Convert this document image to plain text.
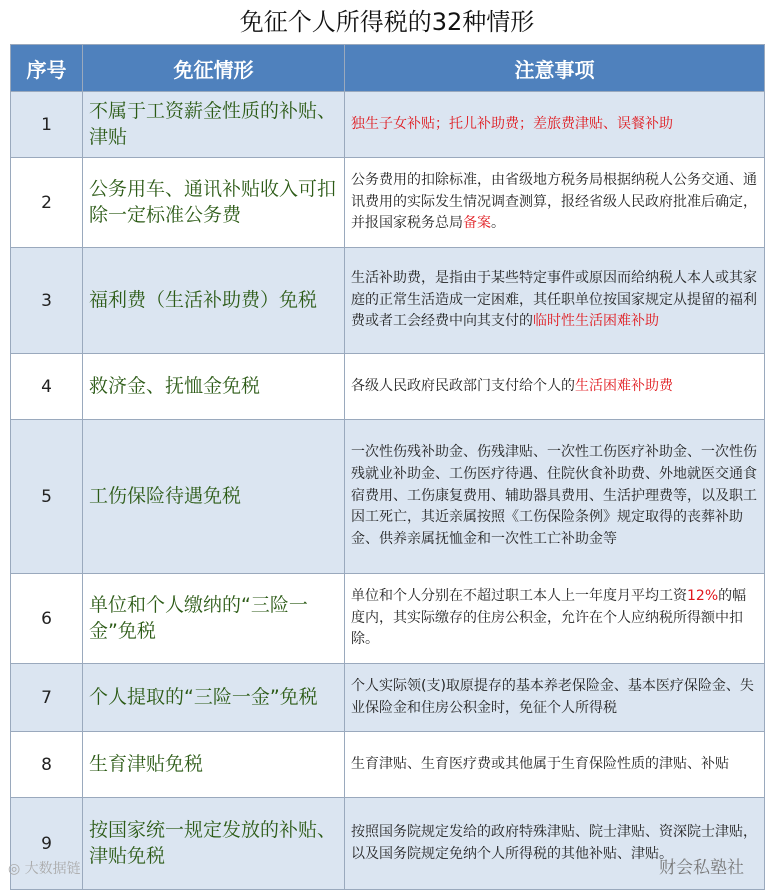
免征个人所得税的32种情形
序号	免征情形	注意事项
1	不属于工资薪金性质的补贴、津贴	独生子女补贴；托儿补助费；差旅费津贴、误餐补助
2	公务用车、通讯补贴收入可扣除一定标准公务费	公务费用的扣除标准，由省级地方税务局根据纳税人公务交通、通讯费用的实际发生情况调查测算，报经省级人民政府批准后确定，并报国家税务总局备案。
3	福利费（生活补助费）免税	生活补助费，是指由于某些特定事件或原因而给纳税人本人或其家庭的正常生活造成一定困难，其任职单位按国家规定从提留的福利费或者工会经费中向其支付的临时性生活困难补助
4	救济金、抚恤金免税	各级人民政府民政部门支付给个人的生活困难补助费
5	工伤保险待遇免税	一次性伤残补助金、伤残津贴、一次性工伤医疗补助金、一次性伤残就业补助金、工伤医疗待遇、住院伙食补助费、外地就医交通食宿费用、工伤康复费用、辅助器具费用、生活护理费等，以及职工因工死亡，其近亲属按照《工伤保险条例》规定取得的丧葬补助金、供养亲属抚恤金和一次性工亡补助金等
6	单位和个人缴纳的“三险一金”免税	单位和个人分别在不超过职工本人上一年度月平均工资12%的幅度内，其实际缴存的住房公积金，允许在个人应纳税所得额中扣除。
7	个人提取的“三险一金”免税	个人实际领(支)取原提存的基本养老保险金、基本医疗保险金、失业保险金和住房公积金时，免征个人所得税
8	生育津贴免税	生育津贴、生育医疗费或其他属于生育保险性质的津贴、补贴
9	按国家统一规定发放的补贴、津贴免税	按照国务院规定发给的政府特殊津贴、院士津贴、资深院士津贴，以及国务院规定免纳个人所得税的其他补贴、津贴。
◎ 大数据链	财会私塾社
